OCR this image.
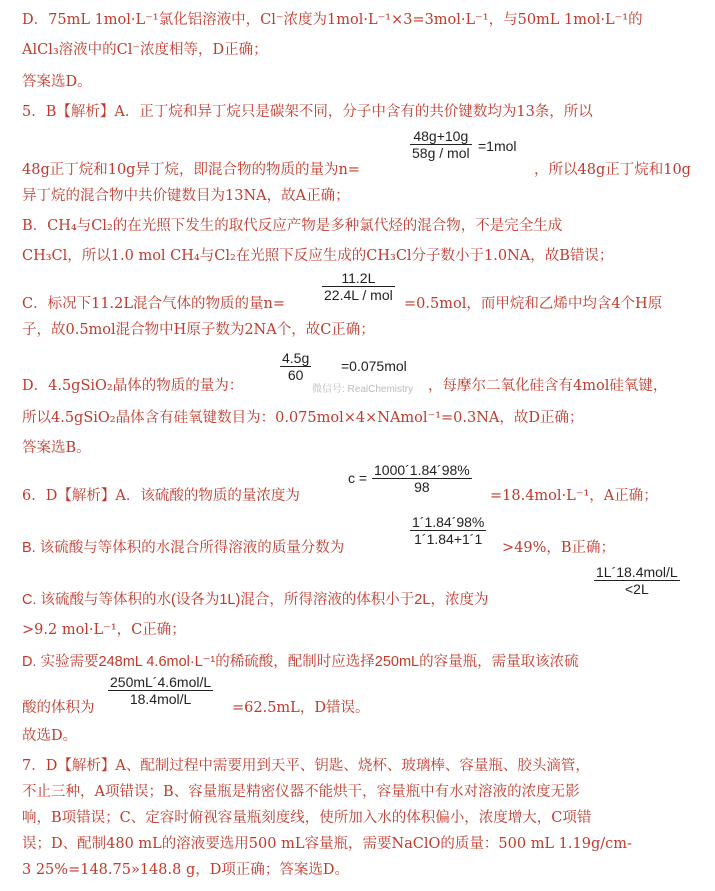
D．75mL 1mol·L⁻¹氯化铝溶液中，Cl⁻浓度为1mol·L⁻¹×3=3mol·L⁻¹，与50mL 1mol·L⁻¹的
AlCl₃溶液中的Cl⁻浓度相等，D正确；
答案选D。
5．B【解析】A．正丁烷和异丁烷只是碳架不同，分子中含有的共价键数均为13条，所以
48g正丁烷和10g异丁烷，即混合物的物质的量为n=
48g+10g
58g / mol =1mol
，所以48g正丁烷和10g
异丁烷的混合物中共价键数目为13NA，故A正确；
B．CH₄与Cl₂的在光照下发生的取代反应产物是多种氯代烃的混合物，不是完全生成
CH₃Cl，所以1.0 mol CH₄与Cl₂在光照下反应生成的CH₃Cl分子数小于1.0NA，故B错误；
C．标况下11.2L混合气体的物质的量n=
11.2L
22.4L / mol
=0.5mol，而甲烷和乙烯中均含4个H原
子，故0.5mol混合物中H原子数为2NA个，故C正确；
D．4.5gSiO₂晶体的物质的量为：
$\frac{4.5g}{60} =0.075mol$
微信号: RealChemistry ，每摩尔二氧化硅含有4mol硅氧键，
所以4.5gSiO₂晶体含有硅氧键数目为：0.075mol×4×NAmol⁻¹=0.3NA，故D正确；
答案选B。
6．D【解析】A．该硫酸的物质的量浓度为
$c = \frac{1000´1.84´98\%}{98}$
=18.4mol·L⁻¹，A正确；
B. 该硫酸与等体积的水混合所得溶液的质量分数为
$\frac{1´1.84´98\%}{1´1.84+1´1}$
>49%，B正确；
C. 该硫酸与等体积的水(设各为1L)混合，所得溶液的体积小于2L，浓度为
1L´18.4mol/L
<2L
>9.2 mol·L⁻¹，C正确；
D. 实验需要248mL 4.6mol·L⁻¹的稀硫酸，配制时应选择250mL的容量瓶，需量取该浓硫
酸的体积为
250mL´4.6mol/L
18.4mol/L
=62.5mL，D错误。
故选D。
7．D【解析】A、配制过程中需要用到天平、钥匙、烧杯、玻璃棒、容量瓶、胶头滴管，
不止三种，A项错误；B、容量瓶是精密仪器不能烘干，容量瓶中有水对溶液的浓度无影
响，B项错误；C、定容时俯视容量瓶刻度线，使所加入水的体积偏小，浓度增大，C项错
误；D、配制480 mL的溶液要选用500 mL容量瓶，需要NaClO的质量：500 mL 1.19g/cm-
3 25%=148.75»148.8 g，D项正确；答案选D。
